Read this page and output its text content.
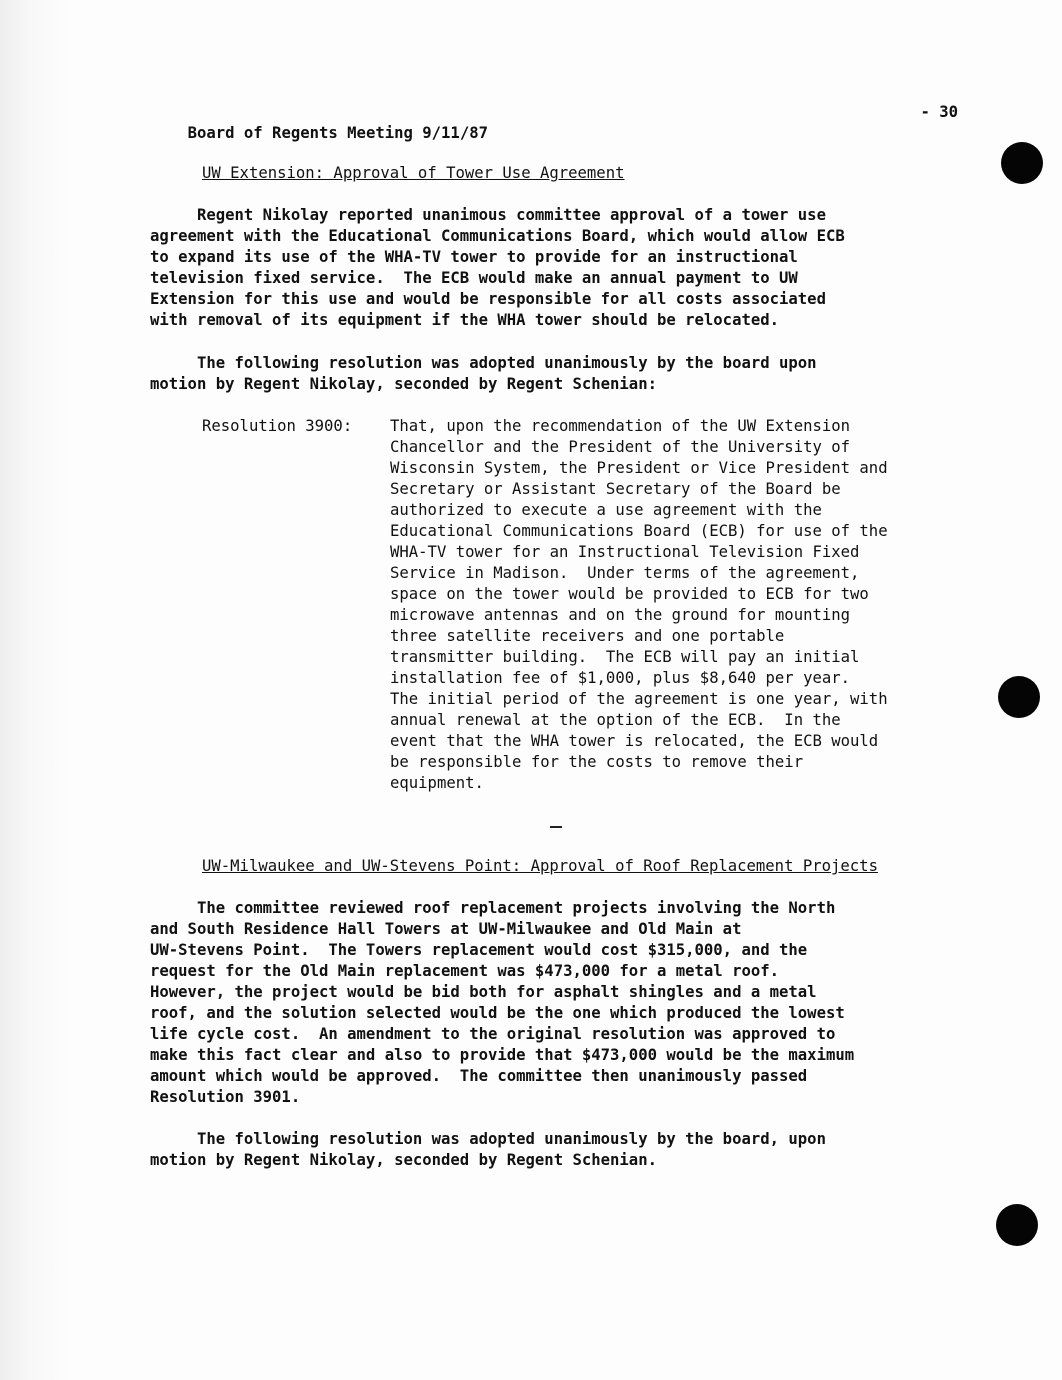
Board of Regents Meeting 9/11/87

- 30

UW Extension: Approval of Tower Use Agreement
Regent Nikolay reported unanimous committee approval of a tower use
agreement with the Educational Communications Board, which would allow ECB
to expand its use of the WHA-TV tower to provide for an instructional
television fixed service.  The ECB would make an annual payment to UW
Extension for this use and would be responsible for all costs associated
with removal of its equipment if the WHA tower should be relocated.
The following resolution was adopted unanimously by the board upon
motion by Regent Nikolay, seconded by Regent Schenian:
Resolution 3900: That, upon the recommendation of the UW Extension
Chancellor and the President of the University of
Wisconsin System, the President or Vice President and
Secretary or Assistant Secretary of the Board be
authorized to execute a use agreement with the
Educational Communications Board (ECB) for use of the
WHA-TV tower for an Instructional Television Fixed
Service in Madison.  Under terms of the agreement,
space on the tower would be provided to ECB for two
microwave antennas and on the ground for mounting
three satellite receivers and one portable
transmitter building.  The ECB will pay an initial
installation fee of $1,000, plus $8,640 per year.
The initial period of the agreement is one year, with
annual renewal at the option of the ECB.  In the
event that the WHA tower is relocated, the ECB would
be responsible for the costs to remove their
equipment.
UW-Milwaukee and UW-Stevens Point: Approval of Roof Replacement Projects
The committee reviewed roof replacement projects involving the North
and South Residence Hall Towers at UW-Milwaukee and Old Main at
UW-Stevens Point.  The Towers replacement would cost $315,000, and the
request for the Old Main replacement was $473,000 for a metal roof.
However, the project would be bid both for asphalt shingles and a metal
roof, and the solution selected would be the one which produced the lowest
life cycle cost.  An amendment to the original resolution was approved to
make this fact clear and also to provide that $473,000 would be the maximum
amount which would be approved.  The committee then unanimously passed
Resolution 3901.
The following resolution was adopted unanimously by the board, upon
motion by Regent Nikolay, seconded by Regent Schenian.
